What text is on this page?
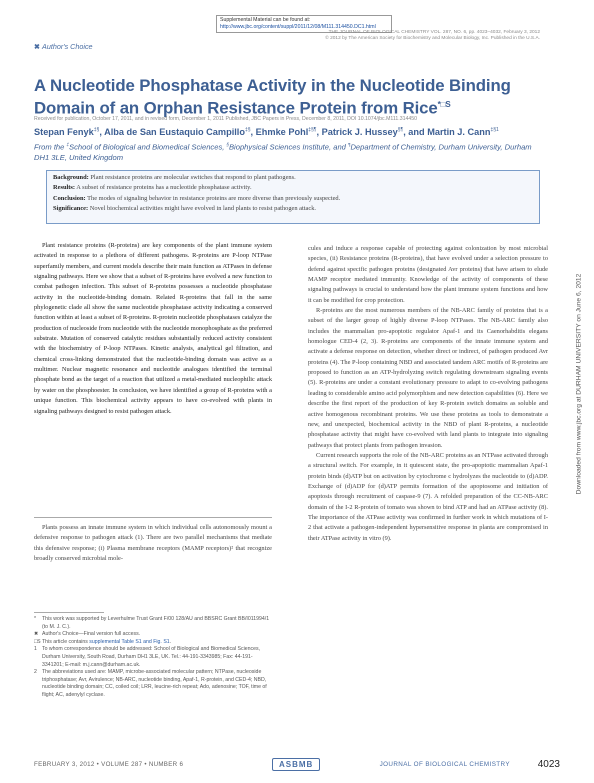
Supplemental Material can be found at:
http://www.jbc.org/content/suppl/2011/12/08/M111.314450.DC1.html
THE JOURNAL OF BIOLOGICAL CHEMISTRY VOL. 287, NO. 6, pp. 4023–4032, February 3, 2012
© 2012 by The American Society for Biochemistry and Molecular Biology, Inc. Published in the U.S.A.
✖ Author's Choice
A Nucleotide Phosphatase Activity in the Nucleotide Binding Domain of an Orphan Resistance Protein from Rice$^{*□S}$
Received for publication, October 17, 2011, and in revised form, December 1, 2011 Published, JBC Papers in Press, December 8, 2011, DOI 10.1074/jbc.M111.314450
Stepan Fenyk‡§, Alba de San Eustaquio Campillo‡§, Ehmke Pohl‡§¶, Patrick J. Hussey§¶, and Martin J. Cann$^{\ddagger\S 1}$
From the ‡School of Biological and Biomedical Sciences, §Biophysical Sciences Institute, and ¶Department of Chemistry, Durham University, Durham DH1 3LE, United Kingdom
Background: Plant resistance proteins are molecular switches that respond to plant pathogens.
Results: A subset of resistance proteins has a nucleotide phosphatase activity.
Conclusion: The modes of signaling behavior in resistance proteins are more diverse than previously suspected.
Significance: Novel biochemical activities might have evolved in land plants to resist pathogen attack.
Plant resistance proteins (R-proteins) are key components of the plant immune system activated in response to a plethora of different pathogens. R-proteins are P-loop NTPase superfamily members, and current models describe their main function as ATPases in defense signaling pathways. Here we show that a subset of R-proteins have evolved a new function to combat pathogen infection. This subset of R-proteins possesses a nucleotide phosphatase activity in the nucleotide-binding domain. Related R-proteins that fall in the same phylogenetic clade all show the same nucleotide phosphatase activity indicating a conserved function within at least a subset of R-proteins. R-protein nucleotide phosphatases catalyze the production of nucleoside from nucleotide with the nucleotide monophosphate as the preferred substrate. Mutation of conserved catalytic residues substantially reduced activity consistent with the biochemistry of P-loop NTPases. Kinetic analysis, analytical gel filtration, and chemical cross-linking demonstrated that the nucleotide-binding domain was active as a multimer. Nuclear magnetic resonance and nucleotide analogues identified the terminal phosphate bond as the target of a reaction that utilized a metal-mediated nucleophilic attack by water on the phosphoester. In conclusion, we have identified a group of R-proteins with a unique function. This biochemical activity appears to have co-evolved with plants in signaling pathways designed to resist pathogen attack.
Plants possess an innate immune system in which individual cells autonomously mount a defensive response to pathogen attack (1). There are two parallel mechanisms that mediate this defensive response; (i) Plasma membrane receptors (MAMP receptors)² that recognize broadly conserved microbial mole-

cules and induce a response capable of protecting against colonization by most microbial species, (ii) Resistance proteins (R-proteins), that have evolved under a selection pressure to defend against specific pathogen proteins (designated Avr proteins) that have arisen to elude MAMP receptor mediated immunity. Knowledge of the activity of components of these signaling pathways is crucial to understand how the plant immune system functions and how it can be modified for crop protection.

R-proteins are the most numerous members of the NB-ARC family of proteins that is a subset of the larger group of highly diverse P-loop NTPases. The NB-ARC family also includes the mammalian pro-apoptotic regulator Apaf-1 and its Caenorhabditis elegans homologue CED-4 (2, 3). R-proteins are components of the innate immune system and activate a defense response on detection, whether direct or indirect, of pathogen produced Avr proteins (4). The P-loop containing NBD and associated tandem ARC motifs of R-proteins are proposed to function as an ATP-hydrolyzing switch regulating downstream signaling events (5). R-proteins are under a constant evolutionary pressure to adapt to co-evolving pathogens leading to considerable amino acid polymorphism and new detection capabilities (6). Here we describe the first report of the production of key R-protein switch domains as soluble and active homogenous recombinant proteins. We use these proteins as tools to demonstrate a new, and unexpected, biochemical activity in the NBD of plant R-proteins, a nucleotide phosphatase activity that might have co-evolved with land plants to integrate into signaling pathways that protect plants from pathogen invasion.

Current research supports the role of the NB-ARC proteins as an NTPase activated through a structural switch. For example, in it quiescent state, the pro-apoptotic mammalian Apaf-1 protein binds (d)ATP but on activation by cytochrome c hydrolyzes the nucleotide to (d)ADP. Exchange of (d)ADP for (d)ATP permits formation of the apoptosome and initiation of apoptosis through recruitment of caspase-9 (7). A refolded preparation of the CC-NB-ARC domain of the I-2 R-protein of tomato was shown to bind ATP and had an ATPase activity (8). The importance of the ATPase activity was confirmed in further work in which mutations of I-2 that activate a pathogen-independent hypersensitive response in planta are compromised in their ATPase activity in vitro (9).

* This work was supported by Leverhulme Trust Grant F/00 128/AU and BBSRC Grant BB/I011994/1 (to M. J. C.).
✖ Author's Choice—Final version full access.
□S This article contains supplemental Table S1 and Fig. S1.
1 To whom correspondence should be addressed: School of Biological and Biomedical Sciences, Durham University, South Road, Durham DH1 3LE, UK. Tel.: 44-191-3343985; Fax: 44-191-3341201; E-mail: m.j.cann@durham.ac.uk.
2 The abbreviations used are: MAMP, microbe-associated molecular pattern; NTPase, nucleoside triphosphatase; Avr, Avirulence; NB-ARC, nucleotide binding, Apaf-1, R-protein, and CED-4; NBD, nucleotide binding domain; CC, coiled coil; LRR, leucine-rich repeat; Ado, adenosine; TOF, time of flight; AC, adenylyl cyclase.
Downloaded from www.jbc.org at DURHAM UNIVERSITY on June 6, 2012
FEBRUARY 3, 2012 • VOLUME 287 • NUMBER 6	ASBMB	JOURNAL OF BIOLOGICAL CHEMISTRY	4023
